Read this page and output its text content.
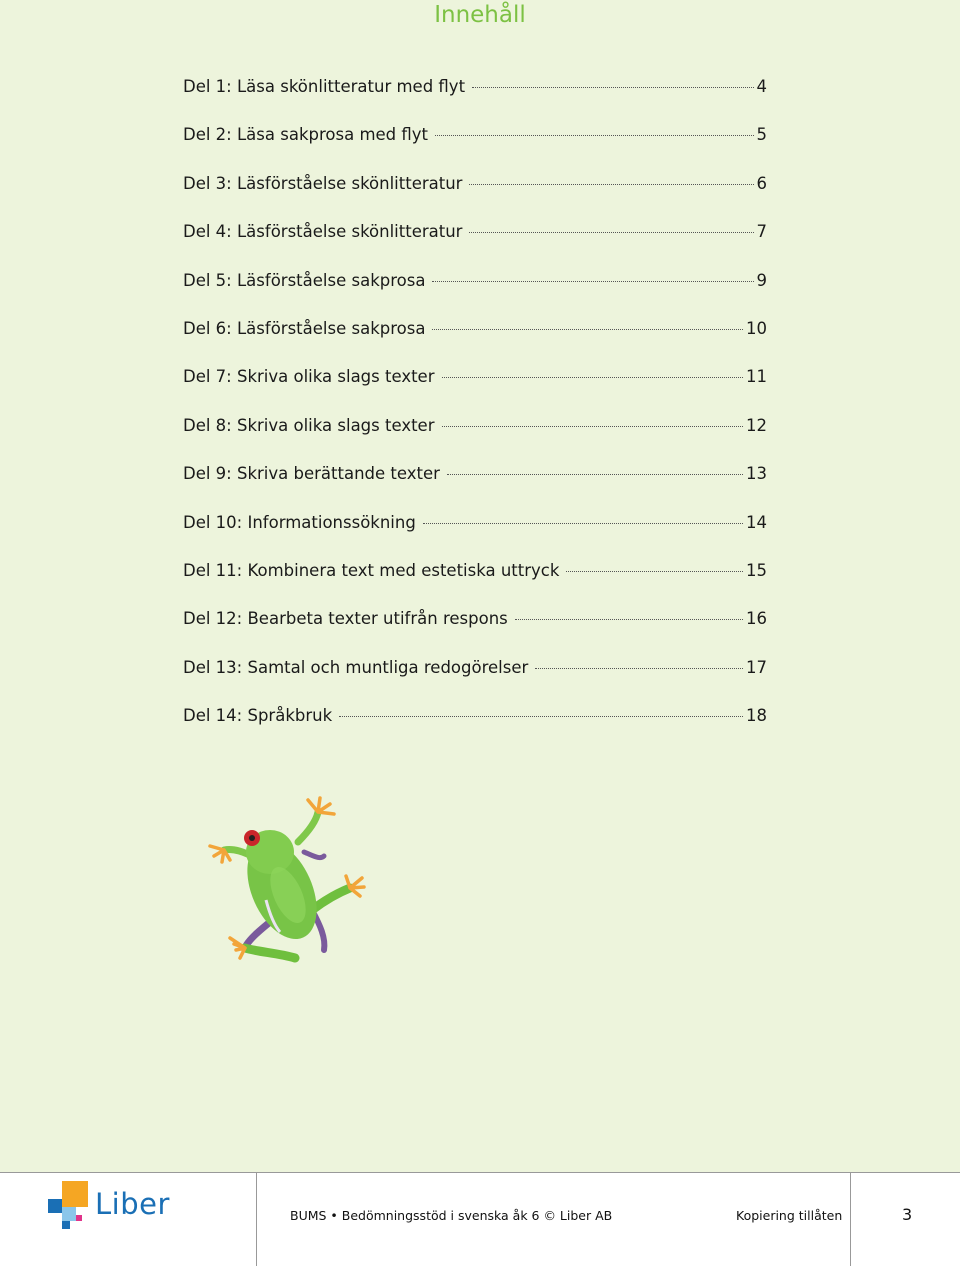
Innehåll
Del 1: Läsa skönlitteratur med flyt	4
Del 2: Läsa sakprosa med flyt	5
Del 3: Läsförståelse skönlitteratur	6
Del 4: Läsförståelse skönlitteratur	7
Del 5: Läsförståelse sakprosa	9
Del 6: Läsförståelse sakprosa	10
Del 7: Skriva olika slags texter	11
Del 8: Skriva olika slags texter	12
Del 9: Skriva berättande texter	13
Del 10: Informationssökning	14
Del 11: Kombinera text med estetiska uttryck	15
Del 12: Bearbeta texter utifrån respons	16
Del 13: Samtal och muntliga redogörelser	17
Del 14: Språkbruk	18
Liber	BUMS • Bedömningsstöd i svenska åk 6 © Liber AB	Kopiering tillåten	3
